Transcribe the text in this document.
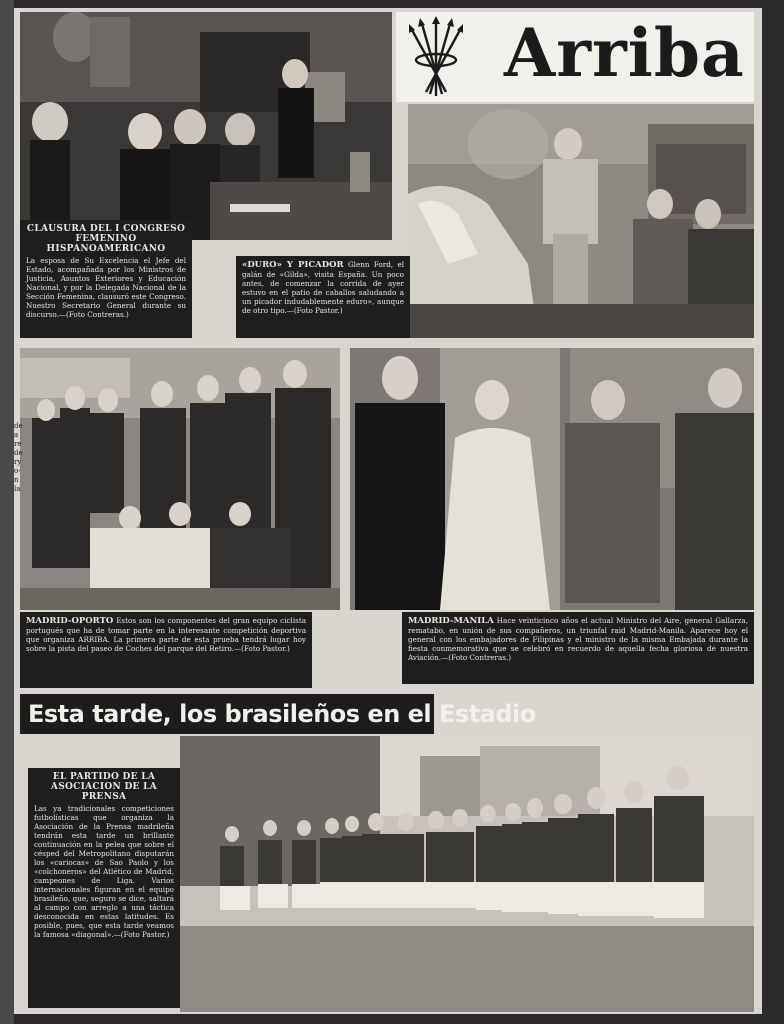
CLAUSURA DEL I CONGRESO FEMENINO HISPANOAMERICANO
La esposa de Su Excelencia el Jefe del Estado, acompañada por los Ministros de Justicia, Asuntos Exteriores y Educación Nacional, y por la Delegada Nacional de la Sección Femenina, clausuró este Congreso. Nuestro Secretario General durante su discurso.—(Foto Contreras.)
Arriba
«DURO» Y PICADOR Glenn Ford, el galán de «Gilda», visita España. Un poco antes, de comenzar la corrida de ayer estuvo en el patio de caballos saludando a un picador indudablemente eduro», aunque de otro tipo.—(Foto Pastor.)
MADRID-OPORTO Estos son los componentes del gran equipo ciclista portugués que ha de tomar parte en la interesante competición deportiva que organiza ARRIBA. La primera parte de esta prueba tendrá lugar hoy sobre la pista del paseo de Coches del parque del Retiro.—(Foto Pastor.)
MADRID-MANILA Hace veinticinco años el actual Ministro del Aire, general Gallarza, rematabo, en unión de sus compañeros, un triunfal raid Madrid-Manila. Aparece hoy el general con los embajadores de Filipinas y el ministro de la misma Embajada durante la fiesta conmemorativa que se celebró en recuerdo de aquella fecha gloriosa de nuestra Aviación.—(Foto Contreras.)
Esta tarde, los brasileños en el Estadio
EL PARTIDO DE LA ASOCIACION DE LA PRENSA
Las ya tradicionales competiciones futbolísticas que organiza la Asociación de la Prensa madrileña tendrán esta tarde un brillante continuación en la pelea que sobre el césped del Metropolitano disputarán los «cariocas» de Sao Paolo y los «colchoneros» del Atlético de Madrid, campeones de Liga. Varios internacionales figuran en el equipo brasileño, que, seguro se dice, saltará al campo con arreglo a una táctica desconocida en estas latitudes. Es posible, pues, que esta tarde veamos la famosa «diagonal».—(Foto Pastor.)
de
a
re
de
ry
o-
n
la
